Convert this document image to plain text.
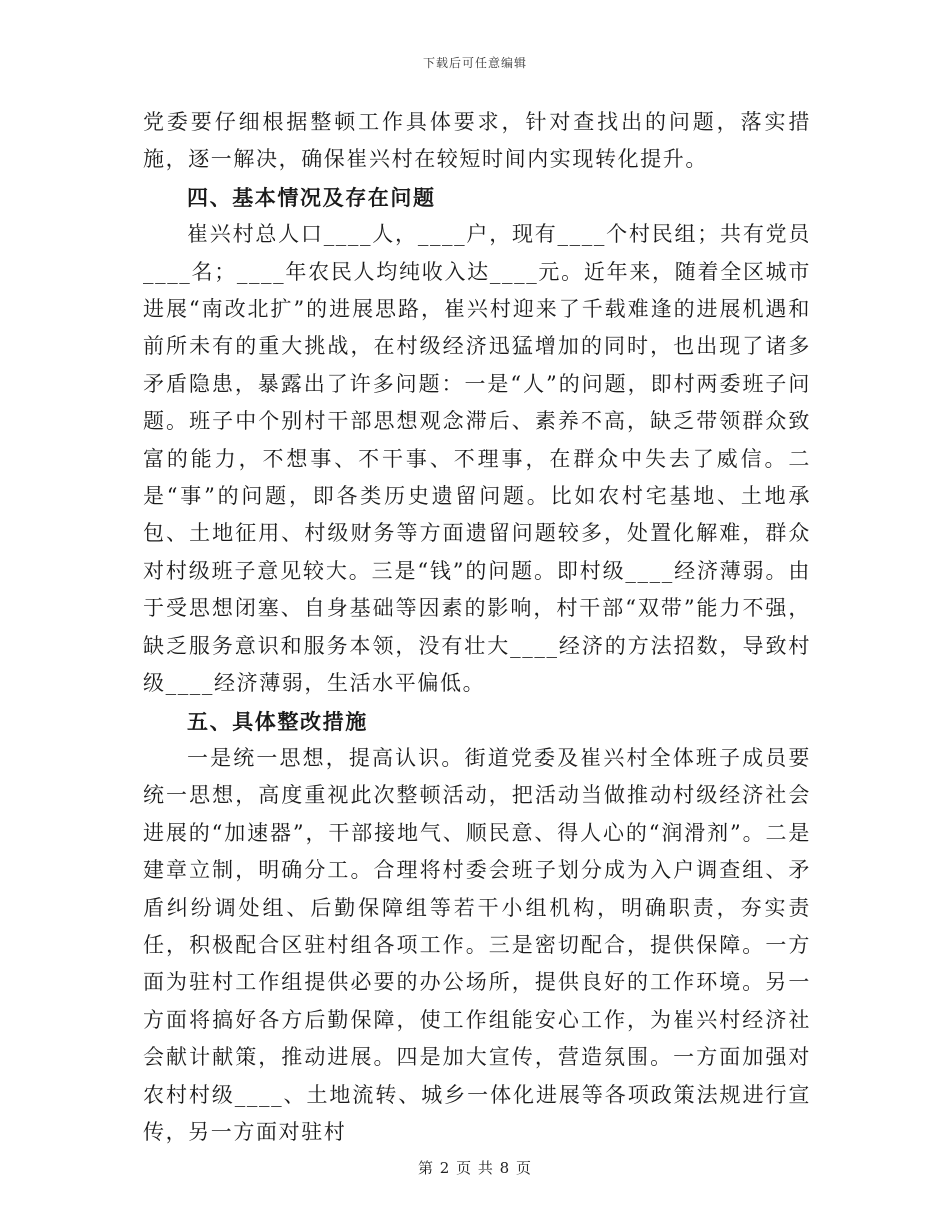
下载后可任意编辑

党委要仔细根据整顿工作具体要求，针对查找出的问题，落实措施，逐一解决，确保崔兴村在较短时间内实现转化提升。

四、基本情况及存在问题

崔兴村总人口____人，____户，现有____个村民组；共有党员____名；____年农民人均纯收入达____元。近年来，随着全区城市进展“南改北扩”的进展思路，崔兴村迎来了千载难逢的进展机遇和前所未有的重大挑战，在村级经济迅猛增加的同时，也出现了诸多矛盾隐患，暴露出了许多问题：一是“人”的问题，即村两委班子问题。班子中个别村干部思想观念滞后、素养不高，缺乏带领群众致富的能力，不想事、不干事、不理事，在群众中失去了威信。二是“事”的问题，即各类历史遗留问题。比如农村宅基地、土地承包、土地征用、村级财务等方面遗留问题较多，处置化解难，群众对村级班子意见较大。三是“钱”的问题。即村级____经济薄弱。由于受思想闭塞、自身基础等因素的影响，村干部“双带”能力不强，缺乏服务意识和服务本领，没有壮大____经济的方法招数，导致村级____经济薄弱，生活水平偏低。

五、具体整改措施

一是统一思想，提高认识。街道党委及崔兴村全体班子成员要统一思想，高度重视此次整顿活动，把活动当做推动村级经济社会进展的“加速器”，干部接地气、顺民意、得人心的“润滑剂”。二是建章立制，明确分工。合理将村委会班子划分成为入户调查组、矛盾纠纷调处组、后勤保障组等若干小组机构，明确职责，夯实责任，积极配合区驻村组各项工作。三是密切配合，提供保障。一方面为驻村工作组提供必要的办公场所，提供良好的工作环境。另一方面将搞好各方后勤保障，使工作组能安心工作，为崔兴村经济社会献计献策，推动进展。四是加大宣传，营造氛围。一方面加强对农村村级____、土地流转、城乡一体化进展等各项政策法规进行宣传，另一方面对驻村

第 2 页 共 8 页
